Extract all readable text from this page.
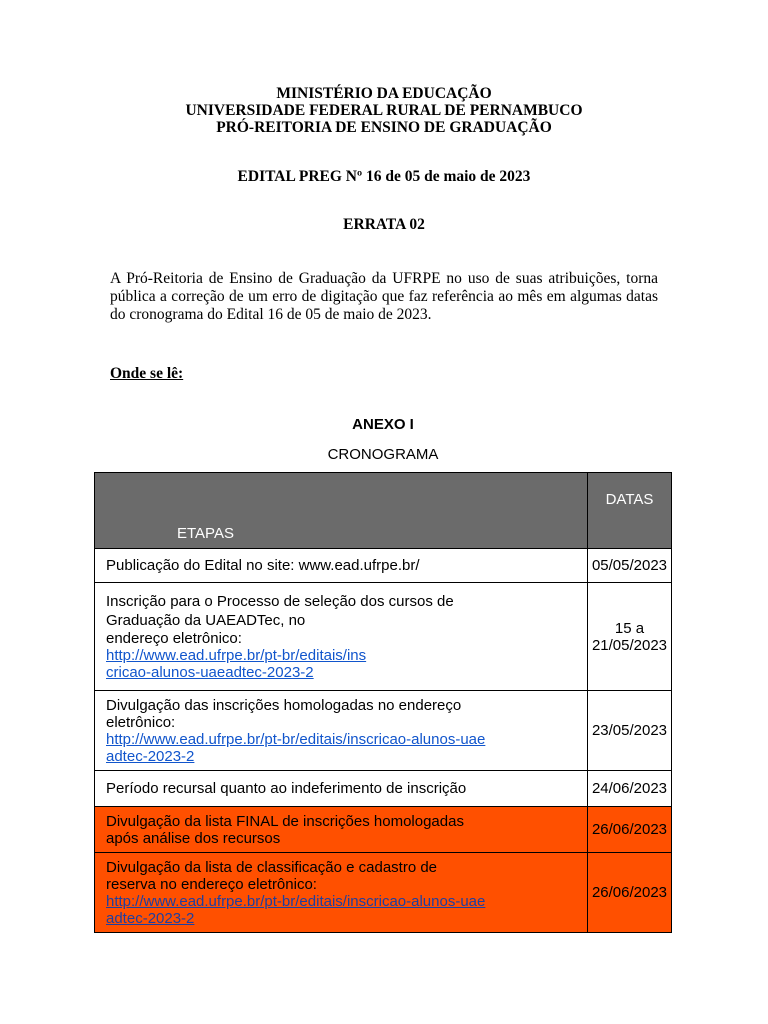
MINISTÉRIO DA EDUCAÇÃO
UNIVERSIDADE FEDERAL RURAL DE PERNAMBUCO
PRÓ-REITORIA DE ENSINO DE GRADUAÇÃO
EDITAL PREG Nº 16 de 05 de maio de 2023
ERRATA 02
A Pró-Reitoria de Ensino de Graduação da UFRPE no uso de suas atribuições, torna pública a correção de um erro de digitação que faz referência ao mês em algumas datas do cronograma do Edital 16 de 05 de maio de 2023.
Onde se lê:
ANEXO I
CRONOGRAMA
ETAPAS	DATAS
Publicação do Edital no site: www.ead.ufrpe.br/	05/05/2023

Inscrição para o Processo de seleção dos cursos de
Graduação da UAEADTec, no
endereço eletrônico:
http://www.ead.ufrpe.br/pt-br/editais/ins
cricao-alunos-uaeadtec-2023-2	15 a 21/05/2023

Divulgação das inscrições homologadas no endereço
eletrônico:
http://www.ead.ufrpe.br/pt-br/editais/inscricao-alunos-uae
adtec-2023-2	23/05/2023
Período recursal quanto ao indeferimento de inscrição	24/06/2023

Divulgação da lista FINAL de inscrições homologadas
após análise dos recursos	26/06/2023

Divulgação da lista de classificação e cadastro de
reserva no endereço eletrônico:
http://www.ead.ufrpe.br/pt-br/editais/inscricao-alunos-uae
adtec-2023-2	26/06/2023
